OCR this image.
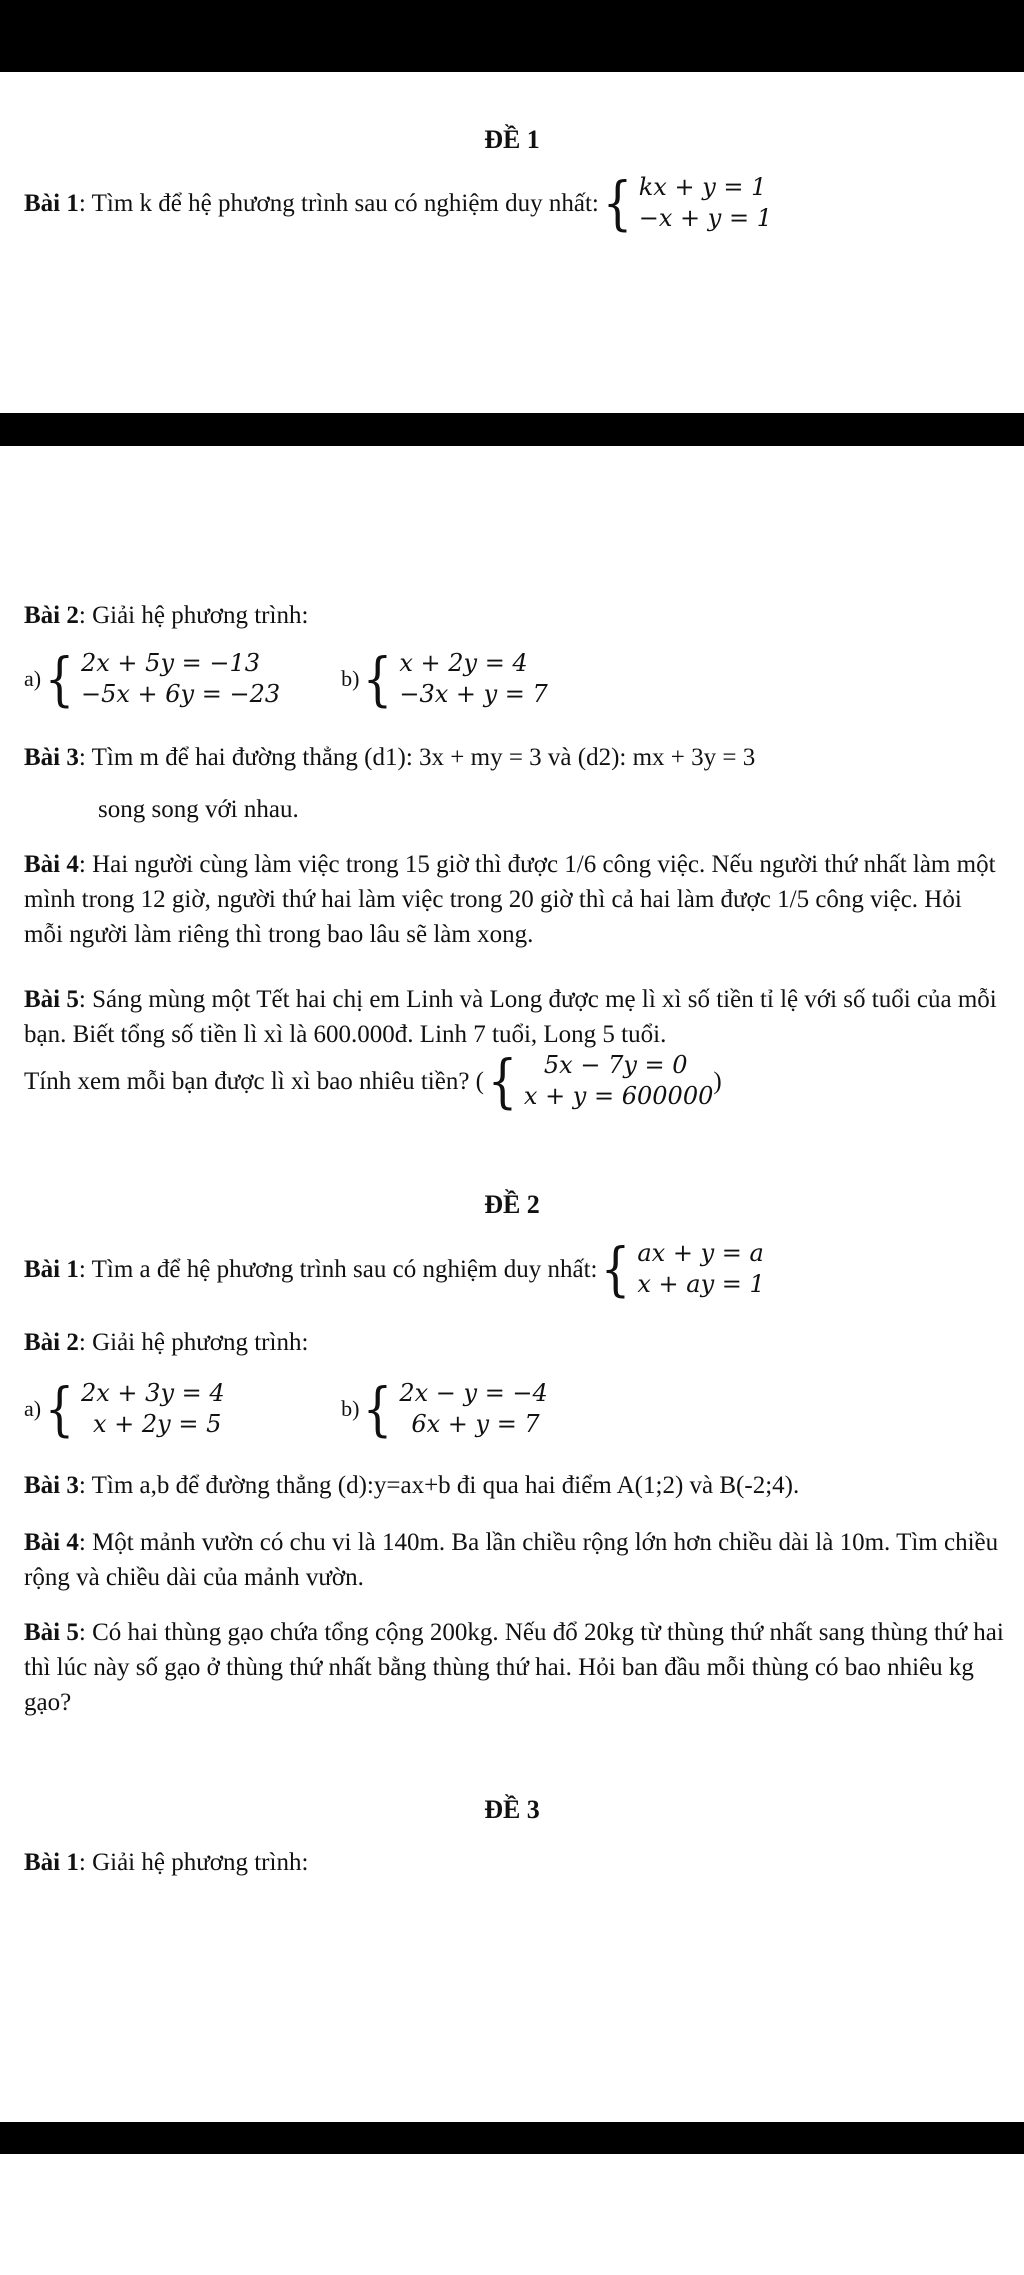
ĐỀ 1
Bài 1: Tìm k để hệ phương trình sau có nghiệm duy nhất: { kx + y = 1
−x + y = 1
Bài 2: Giải hệ phương trình:
a) { 2x + 5y = −13
−5x + 6y = −23
b) { x + 2y = 4
−3x + y = 7
Bài 3: Tìm m để hai đường thẳng (d1): 3x + my = 3 và (d2): mx + 3y = 3
song song với nhau.
Bài 4: Hai người cùng làm việc trong 15 giờ thì được 1/6 công việc. Nếu người thứ nhất làm một mình trong 12 giờ, người thứ hai làm việc trong 20 giờ thì cả hai làm được 1/5 công việc. Hỏi mỗi người làm riêng thì trong bao lâu sẽ làm xong.
Bài 5: Sáng mùng một Tết hai chị em Linh và Long được mẹ lì xì số tiền tỉ lệ với số tuổi của mỗi bạn. Biết tổng số tiền lì xì là 600.000đ. Linh 7 tuổi, Long 5 tuổi.
Tính xem mỗi bạn được lì xì bao nhiêu tiền? ( {	5x − 7y = 0
x + y = 600000
)
ĐỀ 2
Bài 1: Tìm a để hệ phương trình sau có nghiệm duy nhất: { ax + y = a
x + ay = 1
Bài 2: Giải hệ phương trình:
a) { 2x + 3y = 4
x + 2y = 5
b) { 2x − y = −4
6x + y = 7
Bài 3: Tìm a,b để đường thẳng (d):y=ax+b đi qua hai điểm A(1;2) và B(-2;4).
Bài 4: Một mảnh vườn có chu vi là 140m. Ba lần chiều rộng lớn hơn chiều dài là 10m. Tìm chiều rộng và chiều dài của mảnh vườn.
Bài 5: Có hai thùng gạo chứa tổng cộng 200kg. Nếu đổ 20kg từ thùng thứ nhất sang thùng thứ hai thì lúc này số gạo ở thùng thứ nhất bằng thùng thứ hai. Hỏi ban đầu mỗi thùng có bao nhiêu kg gạo?
ĐỀ 3
Bài 1: Giải hệ phương trình:
